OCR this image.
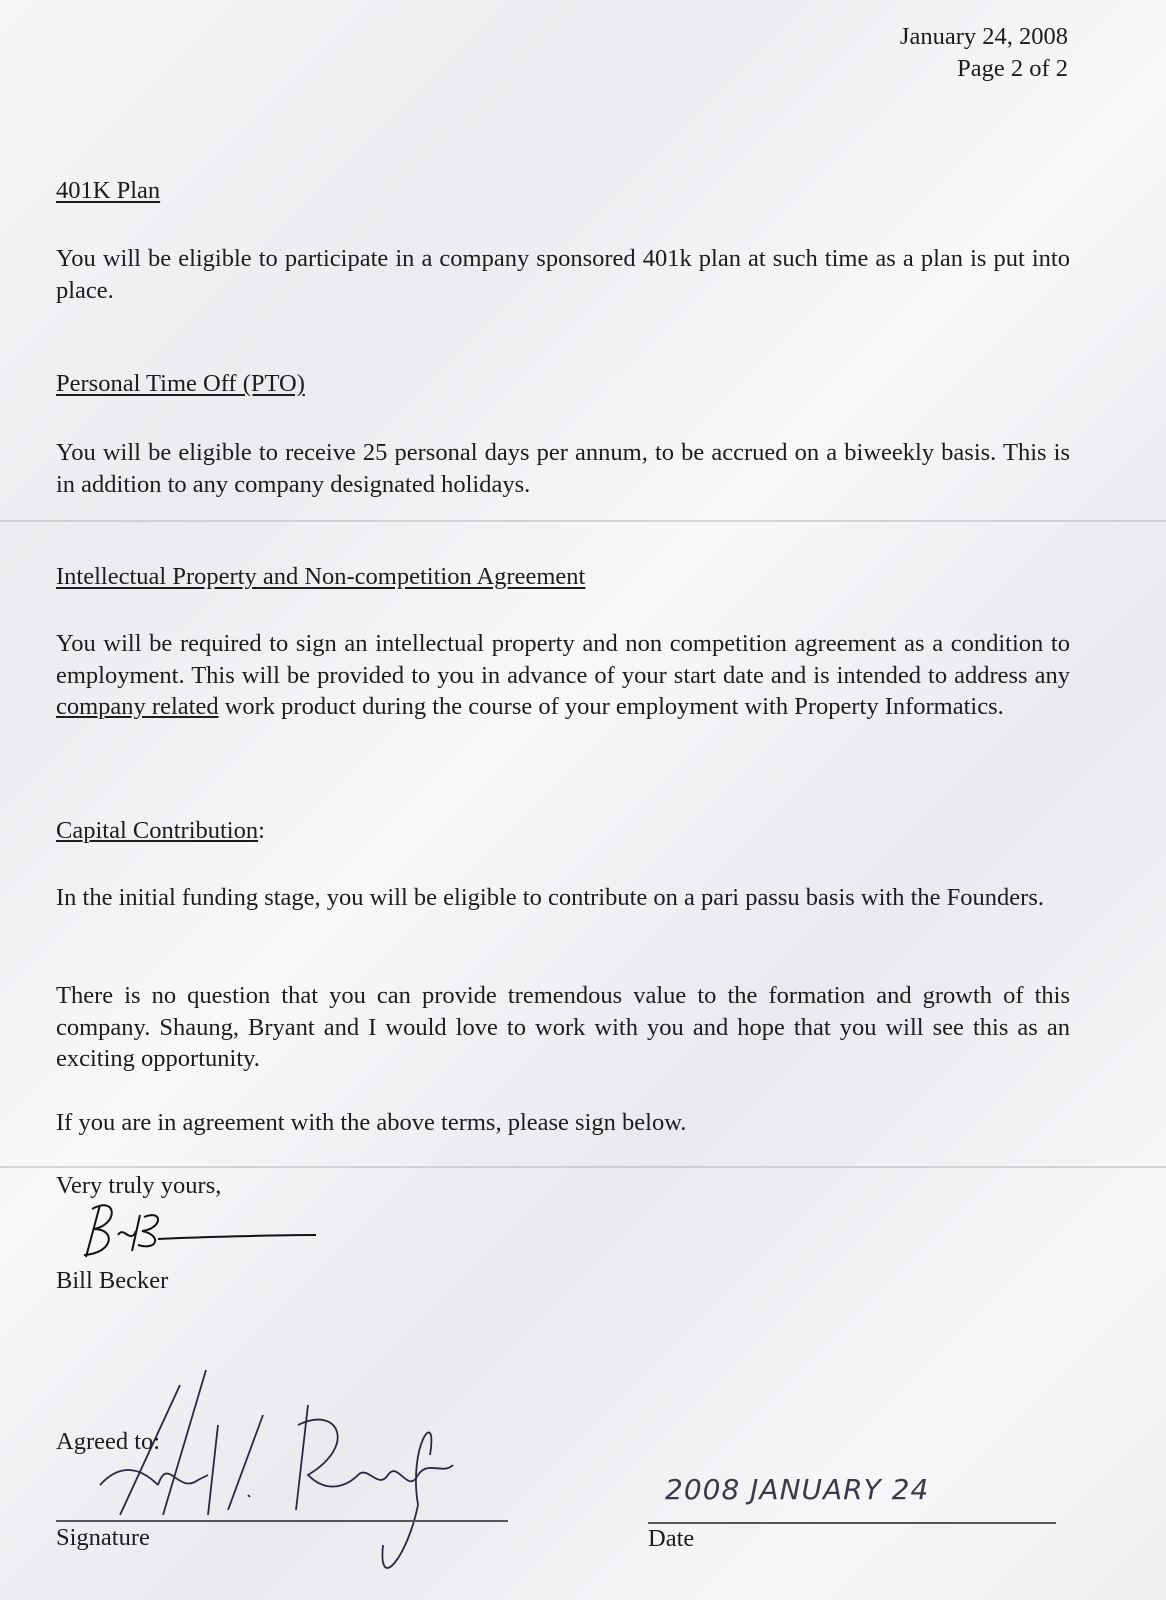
January 24, 2008
Page 2 of 2
401K Plan
You will be eligible to participate in a company sponsored 401k plan at such time as a plan is put into place.
Personal Time Off (PTO)
You will be eligible to receive 25 personal days per annum, to be accrued on a biweekly basis. This is in addition to any company designated holidays.
Intellectual Property and Non-competition Agreement
You will be required to sign an intellectual property and non competition agreement as a condition to employment. This will be provided to you in advance of your start date and is intended to address any company related work product during the course of your employment with Property Informatics.
Capital Contribution:
In the initial funding stage, you will be eligible to contribute on a pari passu basis with the Founders.
There is no question that you can provide tremendous value to the formation and growth of this company. Shaung, Bryant and I would love to work with you and hope that you will see this as an exciting opportunity.
If you are in agreement with the above terms, please sign below.
Very truly yours,
Bill Becker
Agreed to:
Signature
2008 JANUARY 24
Date
